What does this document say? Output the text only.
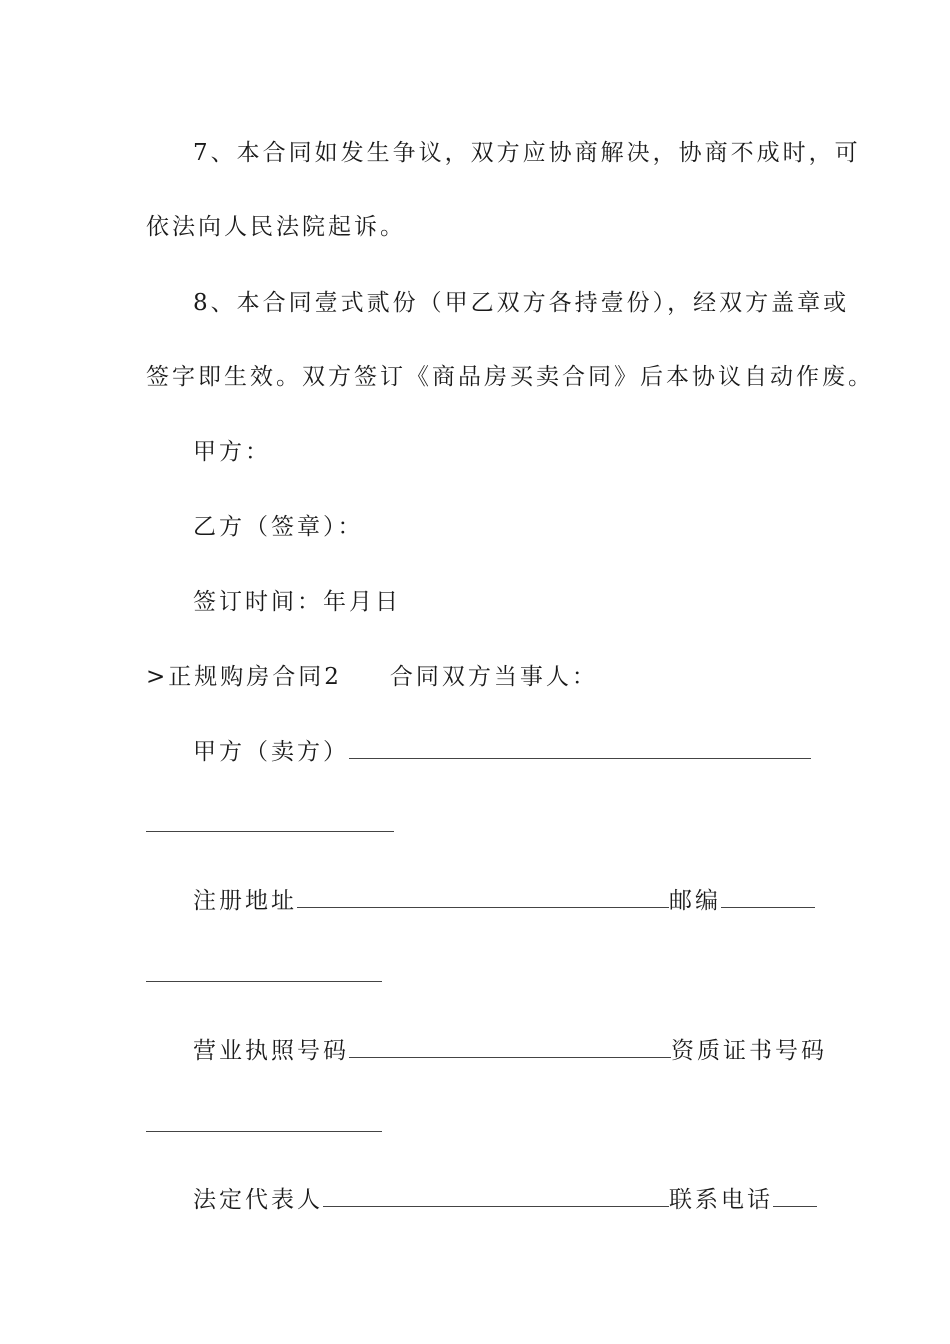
7、本合同如发生争议，双方应协商解决，协商不成时，可
依法向人民法院起诉。
8、本合同壹式贰份（甲乙双方各持壹份），经双方盖章或
签字即生效。双方签订《商品房买卖合同》后本协议自动作废。
甲方：
乙方（签章）：
签订时间：年月日
>正规购房合同2 合同双方当事人：
甲方（卖方）
注册地址	邮编
营业执照号码	资质证书号码
法定代表人	联系电话
